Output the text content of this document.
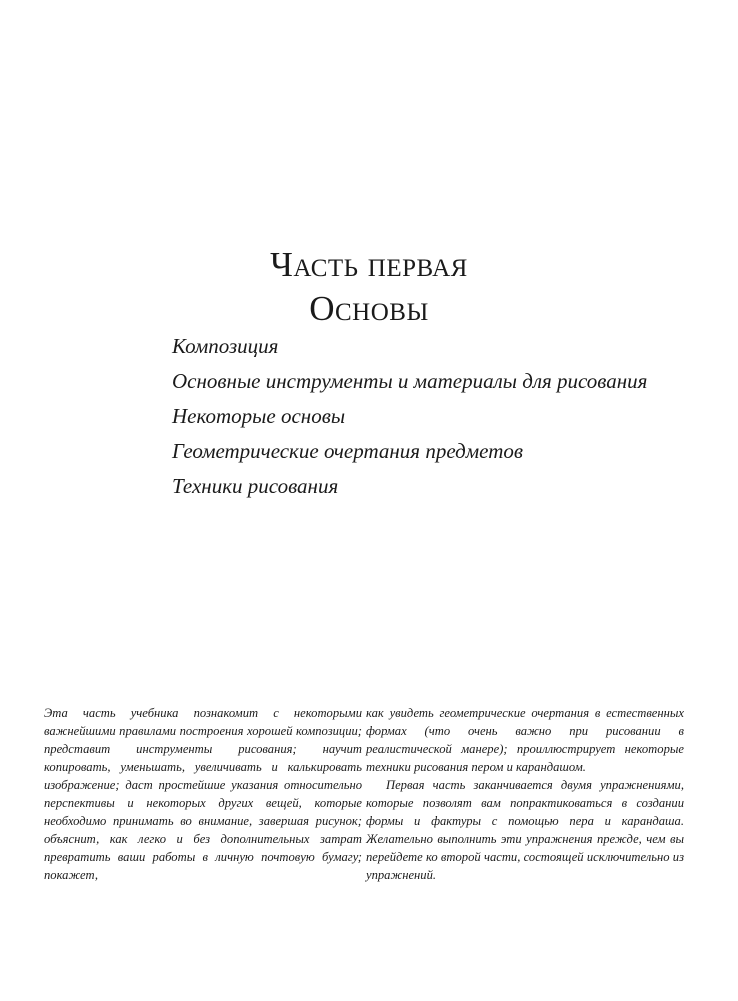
Часть первая
Основы
Композиция
Основные инструменты и материалы для рисования
Некоторые основы
Геометрические очертания предметов
Техники рисования

Эта часть учебника познакомит с некоторыми важнейшими правилами построения хорошей композиции; представит инструменты рисования; научит копировать, уменьшать, увеличивать и калькировать изображение; даст простейшие указания относительно перспективы и некоторых других вещей, которые необходимо принимать во внимание, завершая рисунок; объяснит, как легко и без дополнительных затрат превратить ваши работы в личную почтовую бумагу; покажет,

как увидеть геометрические очертания в естественных формах (что очень важно при рисовании в реалистической манере); проиллюстрирует некоторые техники рисования пером и карандашом.

Первая часть заканчивается двумя упражнениями, которые позволят вам попрактиковаться в создании формы и фактуры с помощью пера и карандаша. Желательно выполнить эти упражнения прежде, чем вы перейдете ко второй части, состоящей исключительно из упражнений.
